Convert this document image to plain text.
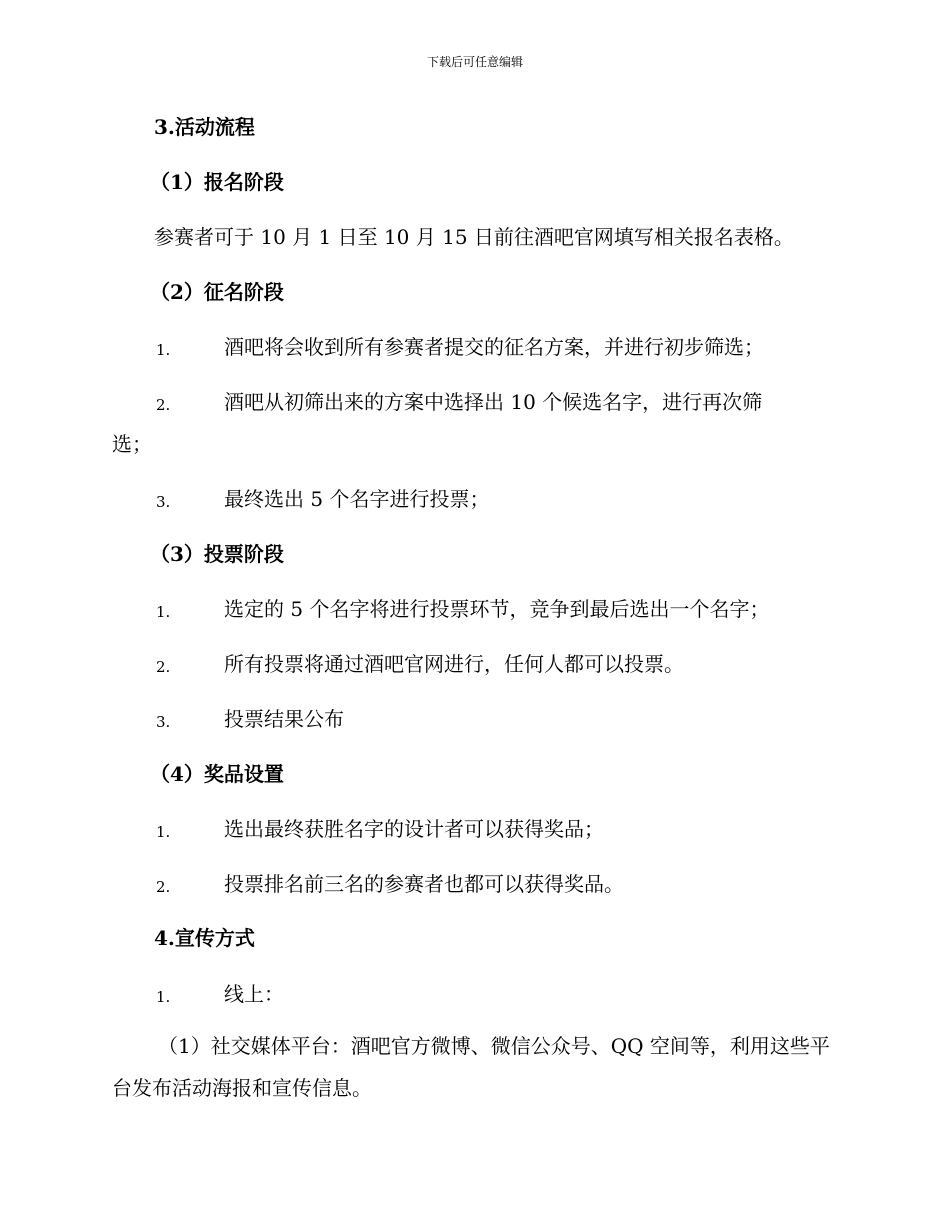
下载后可任意编辑
3.活动流程
（1）报名阶段
参赛者可于 10 月 1 日至 10 月 15 日前往酒吧官网填写相关报名表格。
（2）征名阶段
1.	酒吧将会收到所有参赛者提交的征名方案，并进行初步筛选；
2.	酒吧从初筛出来的方案中选择出 10 个候选名字，进行再次筛
选；
3.	最终选出 5 个名字进行投票；
（3）投票阶段
1.	选定的 5 个名字将进行投票环节，竞争到最后选出一个名字；
2.	所有投票将通过酒吧官网进行，任何人都可以投票。
3.	投票结果公布
（4）奖品设置
1.	选出最终获胜名字的设计者可以获得奖品；
2.	投票排名前三名的参赛者也都可以获得奖品。
4.宣传方式
1.	线上：
（1）社交媒体平台：酒吧官方微博、微信公众号、QQ 空间等，利用这些平台发布活动海报和宣传信息。
